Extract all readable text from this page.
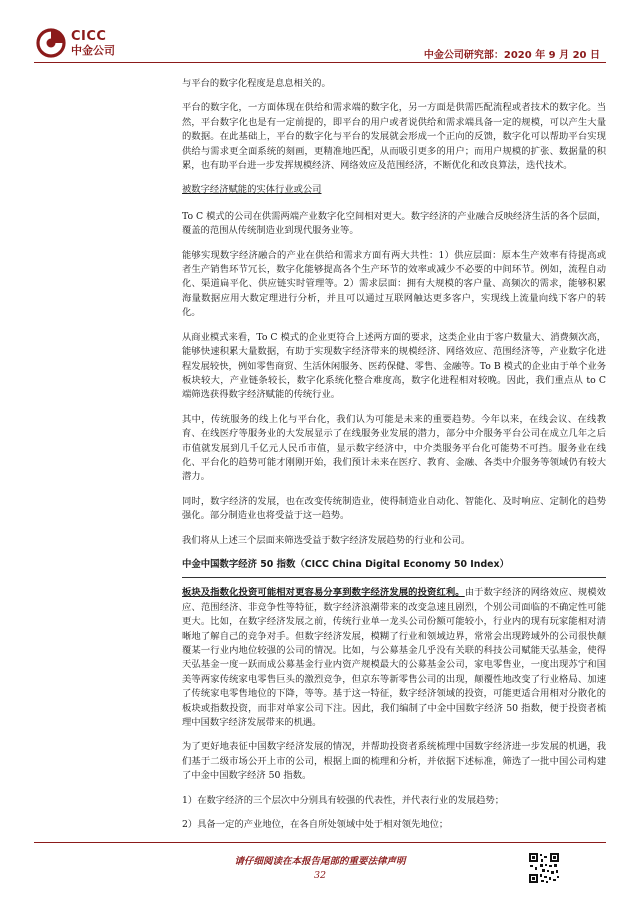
CICC
中金公司	中金公司研究部：2020 年 9 月 20 日

与平台的数字化程度是息息相关的。

平台的数字化，一方面体现在供给和需求端的数字化，另一方面是供需匹配流程或者技术的数字化。当然，平台数字化也是有一定前提的，即平台的用户或者说供给和需求端具备一定的规模，可以产生大量的数据。在此基础上，平台的数字化与平台的发展就会形成一个正向的反馈，数字化可以帮助平台实现供给与需求更全面系统的刻画，更精准地匹配，从而吸引更多的用户；而用户规模的扩张、数据量的积累，也有助平台进一步发挥规模经济、网络效应及范围经济，不断优化和改良算法，迭代技术。

被数字经济赋能的实体行业或公司

To C 模式的公司在供需两端产业数字化空间相对更大。数字经济的产业融合反映经济生活的各个层面，覆盖的范围从传统制造业到现代服务业等。

能够实现数字经济融合的产业在供给和需求方面有两大共性：1）供应层面：原本生产效率有待提高或者生产销售环节冗长，数字化能够提高各个生产环节的效率或减少不必要的中间环节。例如，流程自动化、渠道扁平化、供应链实时管理等。2）需求层面：拥有大规模的客户量、高频次的需求，能够积累海量数据应用大数定理进行分析，并且可以通过互联网触达更多客户，实现线上流量向线下客户的转化。

从商业模式来看，To C 模式的企业更符合上述两方面的要求，这类企业由于客户数量大、消费频次高，能够快速积累大量数据，有助于实现数字经济带来的规模经济、网络效应、范围经济等，产业数字化进程发展较快，例如零售商贸、生活休闲服务、医药保健、零售、金融等。To B 模式的企业由于单个业务板块较大，产业链条较长，数字化系统化整合难度高，数字化进程相对较晚。因此，我们重点从 to C 端筛选获得数字经济赋能的传统行业。

其中，传统服务的线上化与平台化，我们认为可能是未来的重要趋势。今年以来，在线会议、在线教育、在线医疗等服务业的大发展显示了在线服务业发展的潜力，部分中介服务平台公司在成立几年之后市值就发展到几千亿元人民币市值，显示数字经济中，中介类服务平台化可能势不可挡。服务业在线化、平台化的趋势可能才刚刚开始，我们预计未来在医疗、教育、金融、各类中介服务等领域仍有较大潜力。

同时，数字经济的发展，也在改变传统制造业，使得制造业自动化、智能化、及时响应、定制化的趋势强化。部分制造业也将受益于这一趋势。

我们将从上述三个层面来筛选受益于数字经济发展趋势的行业和公司。

中金中国数字经济 50 指数（CICC China Digital Economy 50 Index）

板块及指数化投资可能相对更容易分享到数字经济发展的投资红利。由于数字经济的网络效应、规模效应、范围经济、非竞争性等特征，数字经济浪潮带来的改变急速且剧烈，个别公司面临的不确定性可能更大。比如，在数字经济发展之前，传统行业单一龙头公司份额可能较小，行业内的现有玩家能相对清晰地了解自己的竞争对手。但数字经济发展，模糊了行业和领域边界，常常会出现跨域外的公司很快颠覆某一行业内地位较强的公司的情况。比如，与公募基金几乎没有关联的科技公司赋能天弘基金，使得天弘基金一度一跃而成公募基金行业内资产规模最大的公募基金公司，家电零售业，一度出现苏宁和国美等两家传统家电零售巨头的激烈竞争，但京东等新零售公司的出现，颠覆性地改变了行业格局、加速了传统家电零售地位的下降，等等。基于这一特征，数字经济领域的投资，可能更适合用相对分散化的板块或指数投资，而非对单家公司下注。因此，我们编制了中金中国数字经济 50 指数，便于投资者梳理中国数字经济发展带来的机遇。

为了更好地表征中国数字经济发展的情况，并帮助投资者系统梳理中国数字经济进一步发展的机遇，我们基于二级市场公开上市的公司，根据上面的梳理和分析，并依据下述标准，筛选了一批中国公司构建了中金中国数字经济 50 指数。

1）在数字经济的三个层次中分别具有较强的代表性，并代表行业的发展趋势；

2）具备一定的产业地位，在各自所处领域中处于相对领先地位；

请仔细阅读在本报告尾部的重要法律声明
32
